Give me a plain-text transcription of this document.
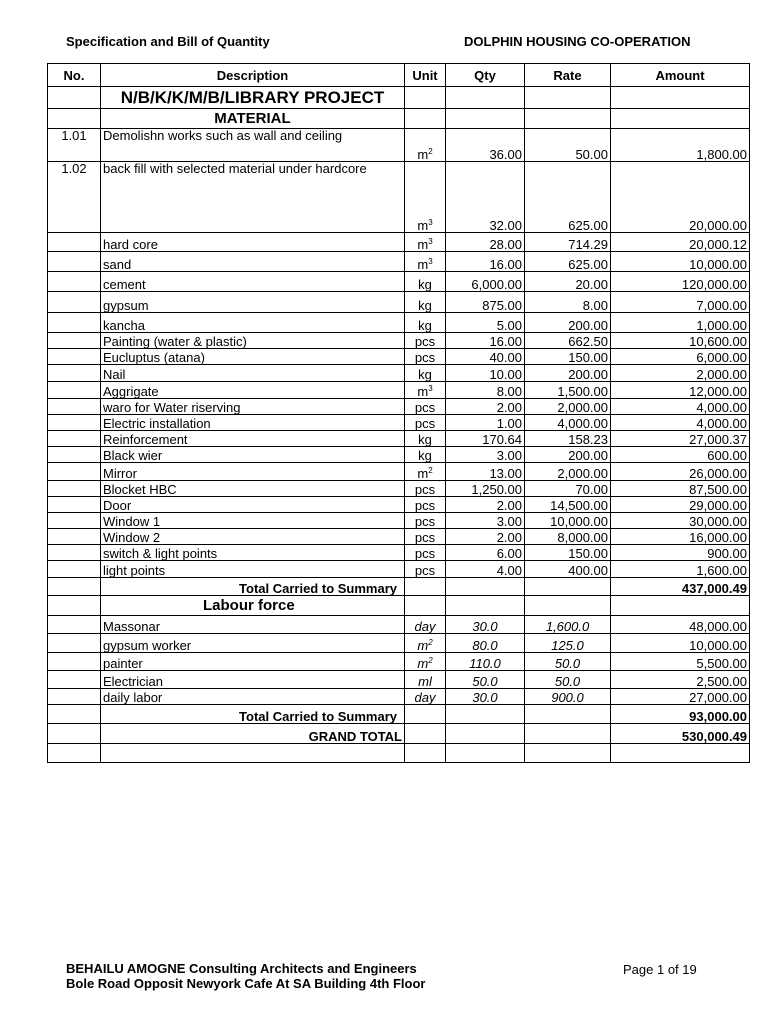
Specification and Bill of Quantity	DOLPHIN HOUSING CO-OPERATION
No.	Description	Unit	Qty	Rate	Amount
	N/B/K/K/M/B/LIBRARY PROJECT				
	MATERIAL				
1.01	Demolishn works such as wall and ceiling	$m^2$	36.00	50.00	1,800.00
1.02	back fill with selected material under hardcore	$m^3$	32.00	625.00	20,000.00
	hard core	$m^3$	28.00	714.29	20,000.12
	sand	$m^3$	16.00	625.00	10,000.00
	cement	kg	6,000.00	20.00	120,000.00
	gypsum	kg	875.00	8.00	7,000.00
	kancha	kg	5.00	200.00	1,000.00
	Painting (water & plastic)	pcs	16.00	662.50	10,600.00
	Eucluptus (atana)	pcs	40.00	150.00	6,000.00
	Nail	kg	10.00	200.00	2,000.00
	Aggrigate	$m^3$	8.00	1,500.00	12,000.00
	waro for Water riserving	pcs	2.00	2,000.00	4,000.00
	Electric installation	pcs	1.00	4,000.00	4,000.00
	Reinforcement	kg	170.64	158.23	27,000.37
	Black wier	kg	3.00	200.00	600.00
	Mirror	$m^2$	13.00	2,000.00	26,000.00
	Blocket HBC	pcs	1,250.00	70.00	87,500.00
	Door	pcs	2.00	14,500.00	29,000.00
	Window 1	pcs	3.00	10,000.00	30,000.00
	Window 2	pcs	2.00	8,000.00	16,000.00
	switch & light points	pcs	6.00	150.00	900.00
	light points	pcs	4.00	400.00	1,600.00
	Total Carried to Summary				437,000.49
	Labour force				
	Massonar	day	30.0	1,600.0	48,000.00
	gypsum worker	$m^2$	80.0	125.0	10,000.00
	painter	$m^2$	110.0	50.0	5,500.00
	Electrician	ml	50.0	50.0	2,500.00
	daily labor	day	30.0	900.0	27,000.00
	Total Carried to Summary				93,000.00
	GRAND TOTAL				530,000.49

BEHAILU AMOGNE Consulting Architects and Engineers
Bole Road Opposit Newyork Cafe At SA Building 4th Floor
Page 1 of 19
